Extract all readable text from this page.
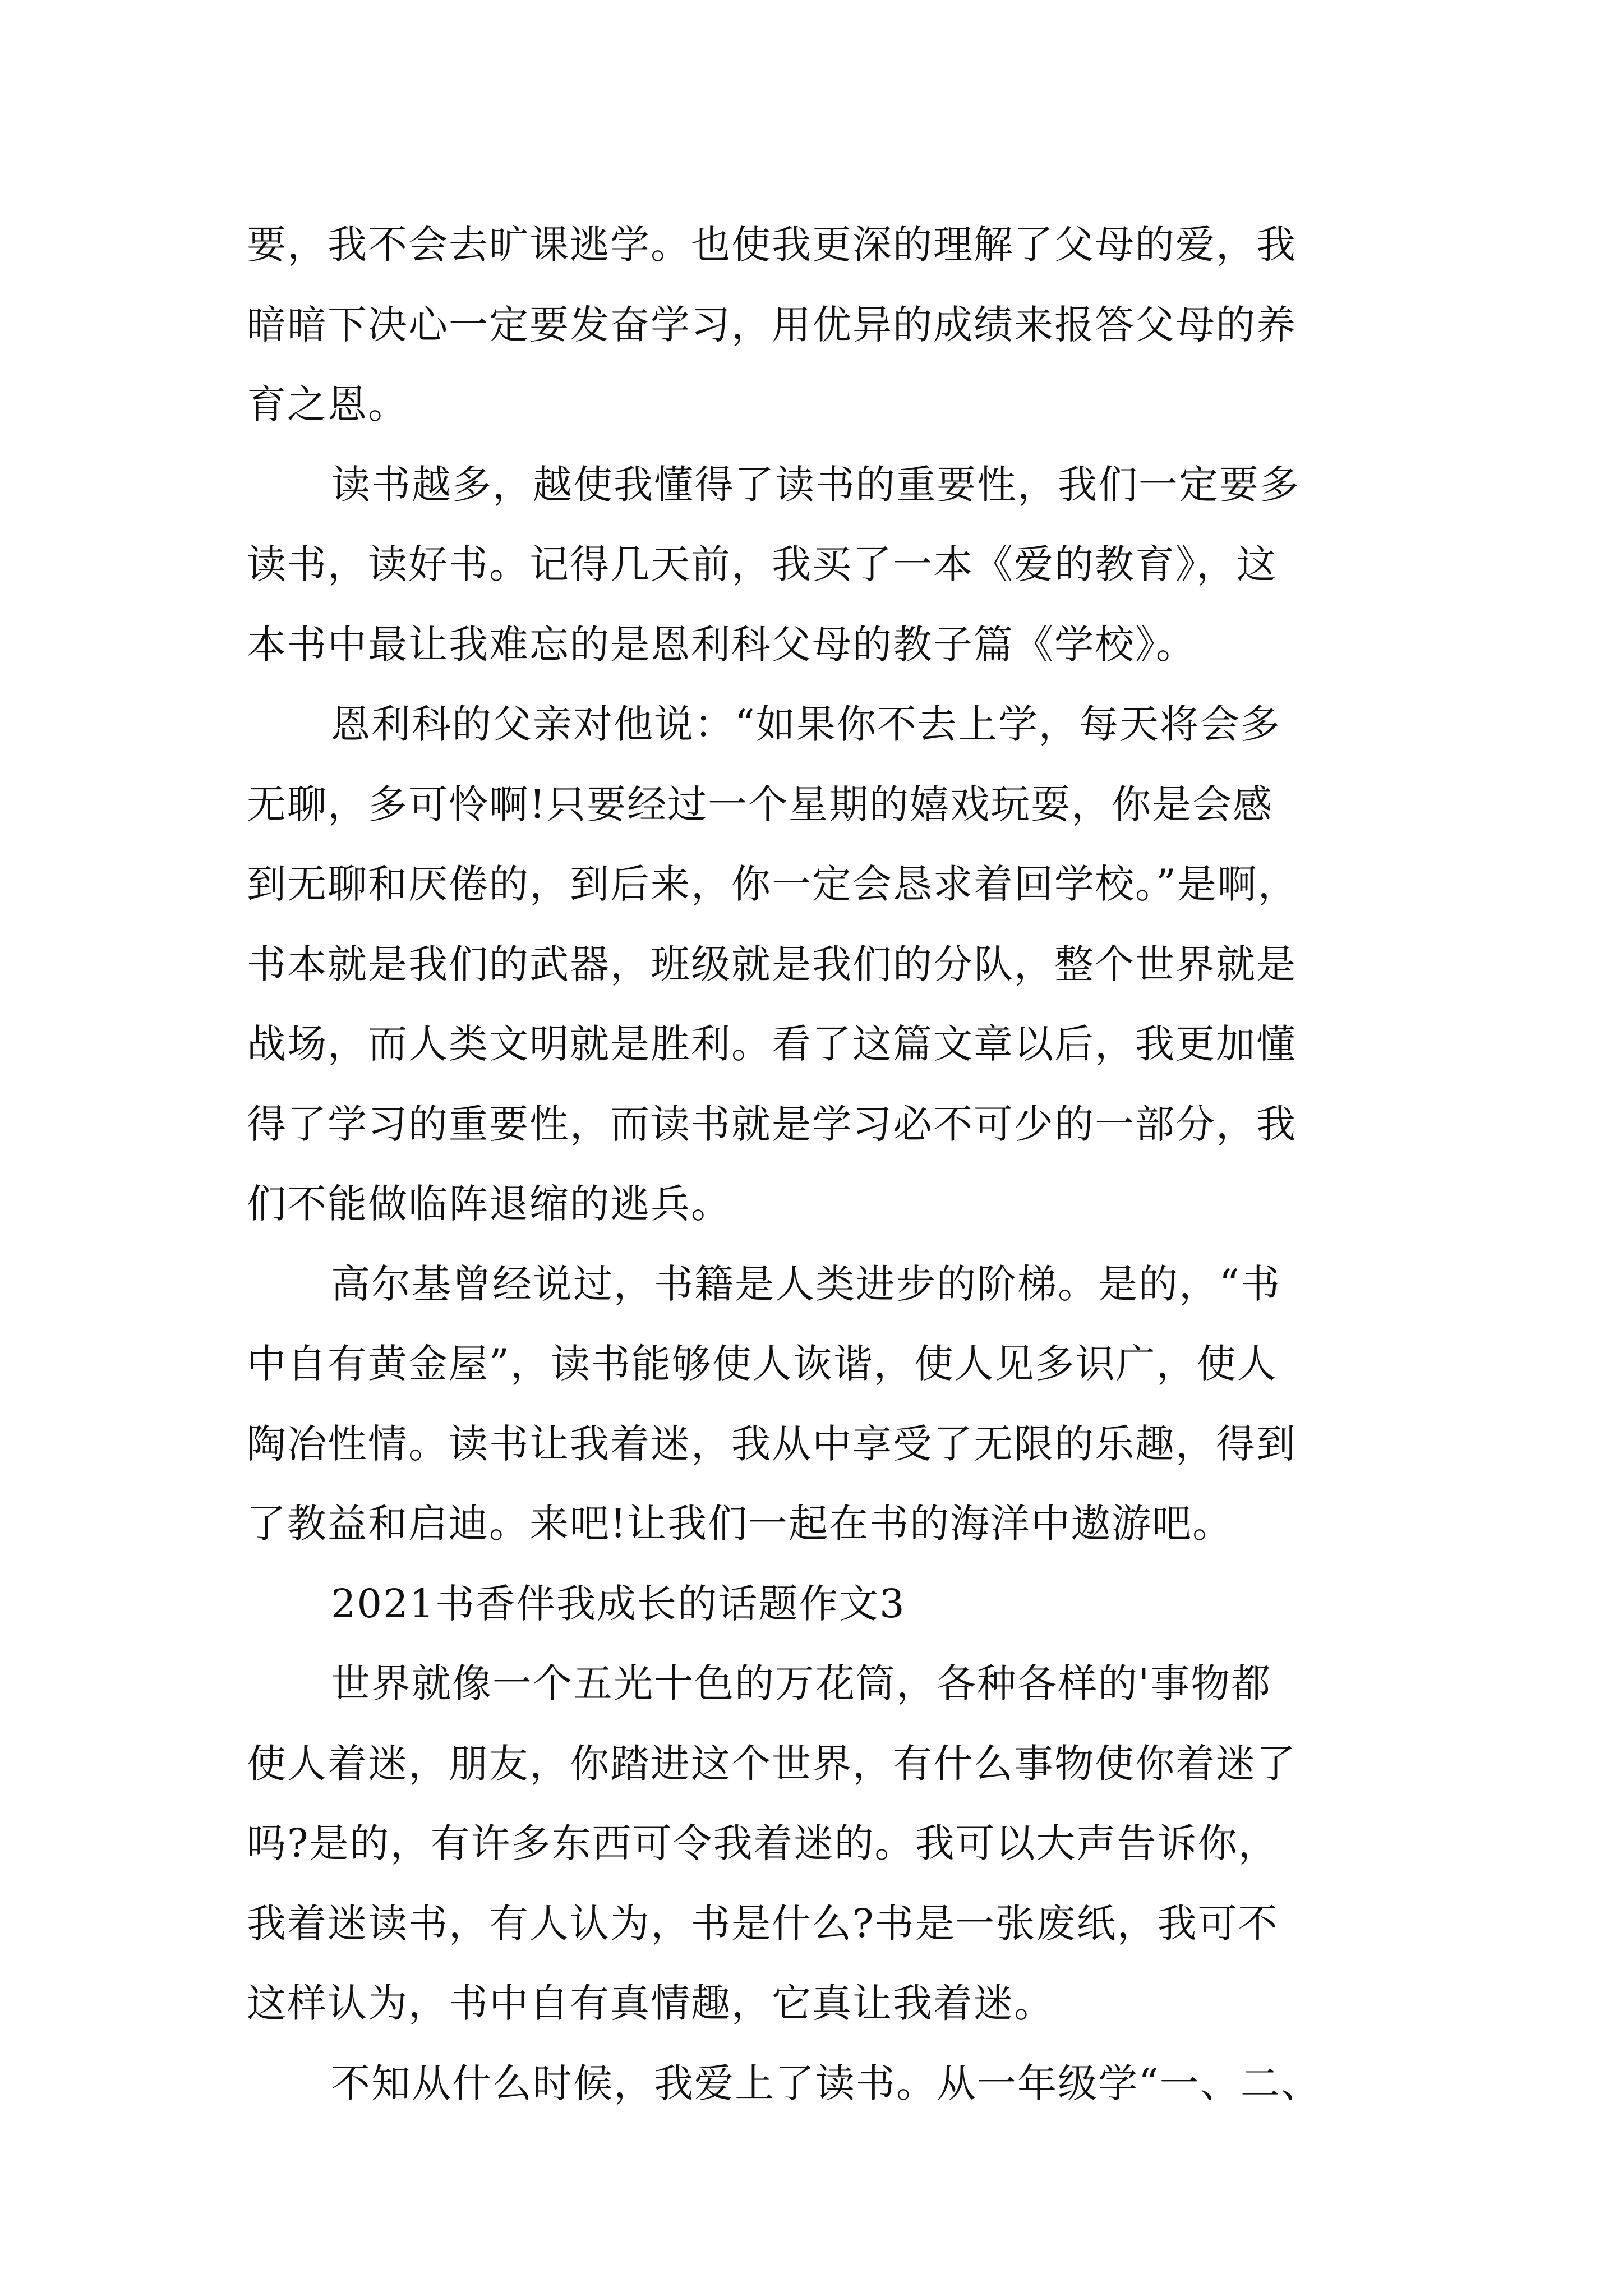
要，我不会去旷课逃学。也使我更深的理解了父母的爱，我
暗暗下决心一定要发奋学习，用优异的成绩来报答父母的养
育之恩。
读书越多，越使我懂得了读书的重要性，我们一定要多
读书，读好书。记得几天前，我买了一本《爱的教育》，这
本书中最让我难忘的是恩利科父母的教子篇《学校》。
恩利科的父亲对他说：“如果你不去上学，每天将会多
无聊，多可怜啊!只要经过一个星期的嬉戏玩耍，你是会感
到无聊和厌倦的，到后来，你一定会恳求着回学校。”是啊，
书本就是我们的武器，班级就是我们的分队，整个世界就是
战场，而人类文明就是胜利。看了这篇文章以后，我更加懂
得了学习的重要性，而读书就是学习必不可少的一部分，我
们不能做临阵退缩的逃兵。
高尔基曾经说过，书籍是人类进步的阶梯。是的，“书
中自有黄金屋”，读书能够使人诙谐，使人见多识广，使人
陶冶性情。读书让我着迷，我从中享受了无限的乐趣，得到
了教益和启迪。来吧!让我们一起在书的海洋中遨游吧。
2021书香伴我成长的话题作文3
世界就像一个五光十色的万花筒，各种各样的'事物都
使人着迷，朋友，你踏进这个世界，有什么事物使你着迷了
吗?是的，有许多东西可令我着迷的。我可以大声告诉你，
我着迷读书，有人认为，书是什么?书是一张废纸，我可不
这样认为，书中自有真情趣，它真让我着迷。
不知从什么时候，我爱上了读书。从一年级学“一、二、
